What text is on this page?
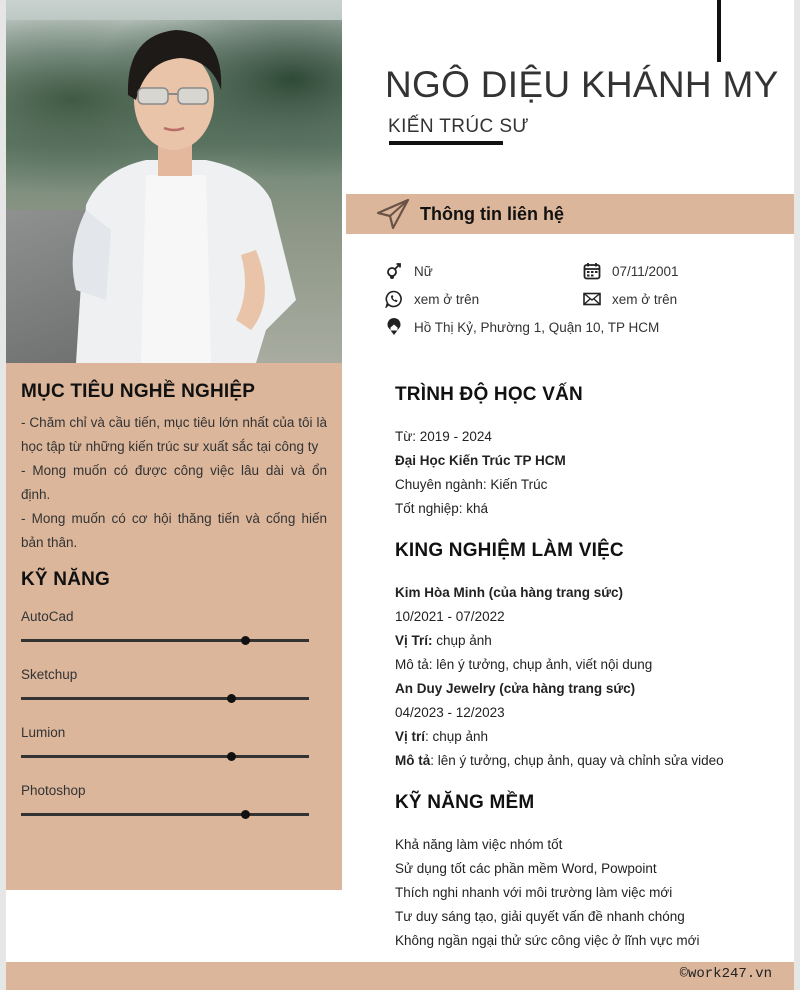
MỤC TIÊU NGHỀ NGHIỆP
- Chăm chỉ và cầu tiến, mục tiêu lớn nhất của tôi là học tập từ những kiến trúc sư xuất sắc tại công ty
- Mong muốn có được công việc lâu dài và ổn định.
- Mong muốn có cơ hội thăng tiến và cống hiến bản thân.
KỸ NĂNG
AutoCad
Sketchup
Lumion
Photoshop
NGÔ DIỆU KHÁNH MY
KIẾN TRÚC SƯ
Thông tin liên hệ
Nữ	07/11/2001
xem ở trên	xem ở trên
Hồ Thị Kỷ, Phường 1, Quận 10, TP HCM
TRÌNH ĐỘ HỌC VẤN
Từ: 2019 - 2024
Đại Học Kiến Trúc TP HCM
Chuyên ngành: Kiến Trúc
Tốt nghiệp: khá
KING NGHIỆM LÀM VIỆC
Kim Hòa Minh (của hàng trang sức)
10/2021 - 07/2022
Vị Trí: chụp ảnh
Mô tả: lên ý tưởng, chụp ảnh, viết nội dung
An Duy Jewelry (cửa hàng trang sức)
04/2023 - 12/2023
Vị trí: chụp ảnh
Mô tả: lên ý tưởng, chụp ảnh, quay và chỉnh sửa video
KỸ NĂNG MỀM
Khả năng làm việc nhóm tốt
Sử dụng tốt các phần mềm Word, Powpoint
Thích nghi nhanh với môi trường làm việc mới
Tư duy sáng tạo, giải quyết vấn đề nhanh chóng
Không ngần ngại thử sức công việc ở lĩnh vực mới
©work247.vn
